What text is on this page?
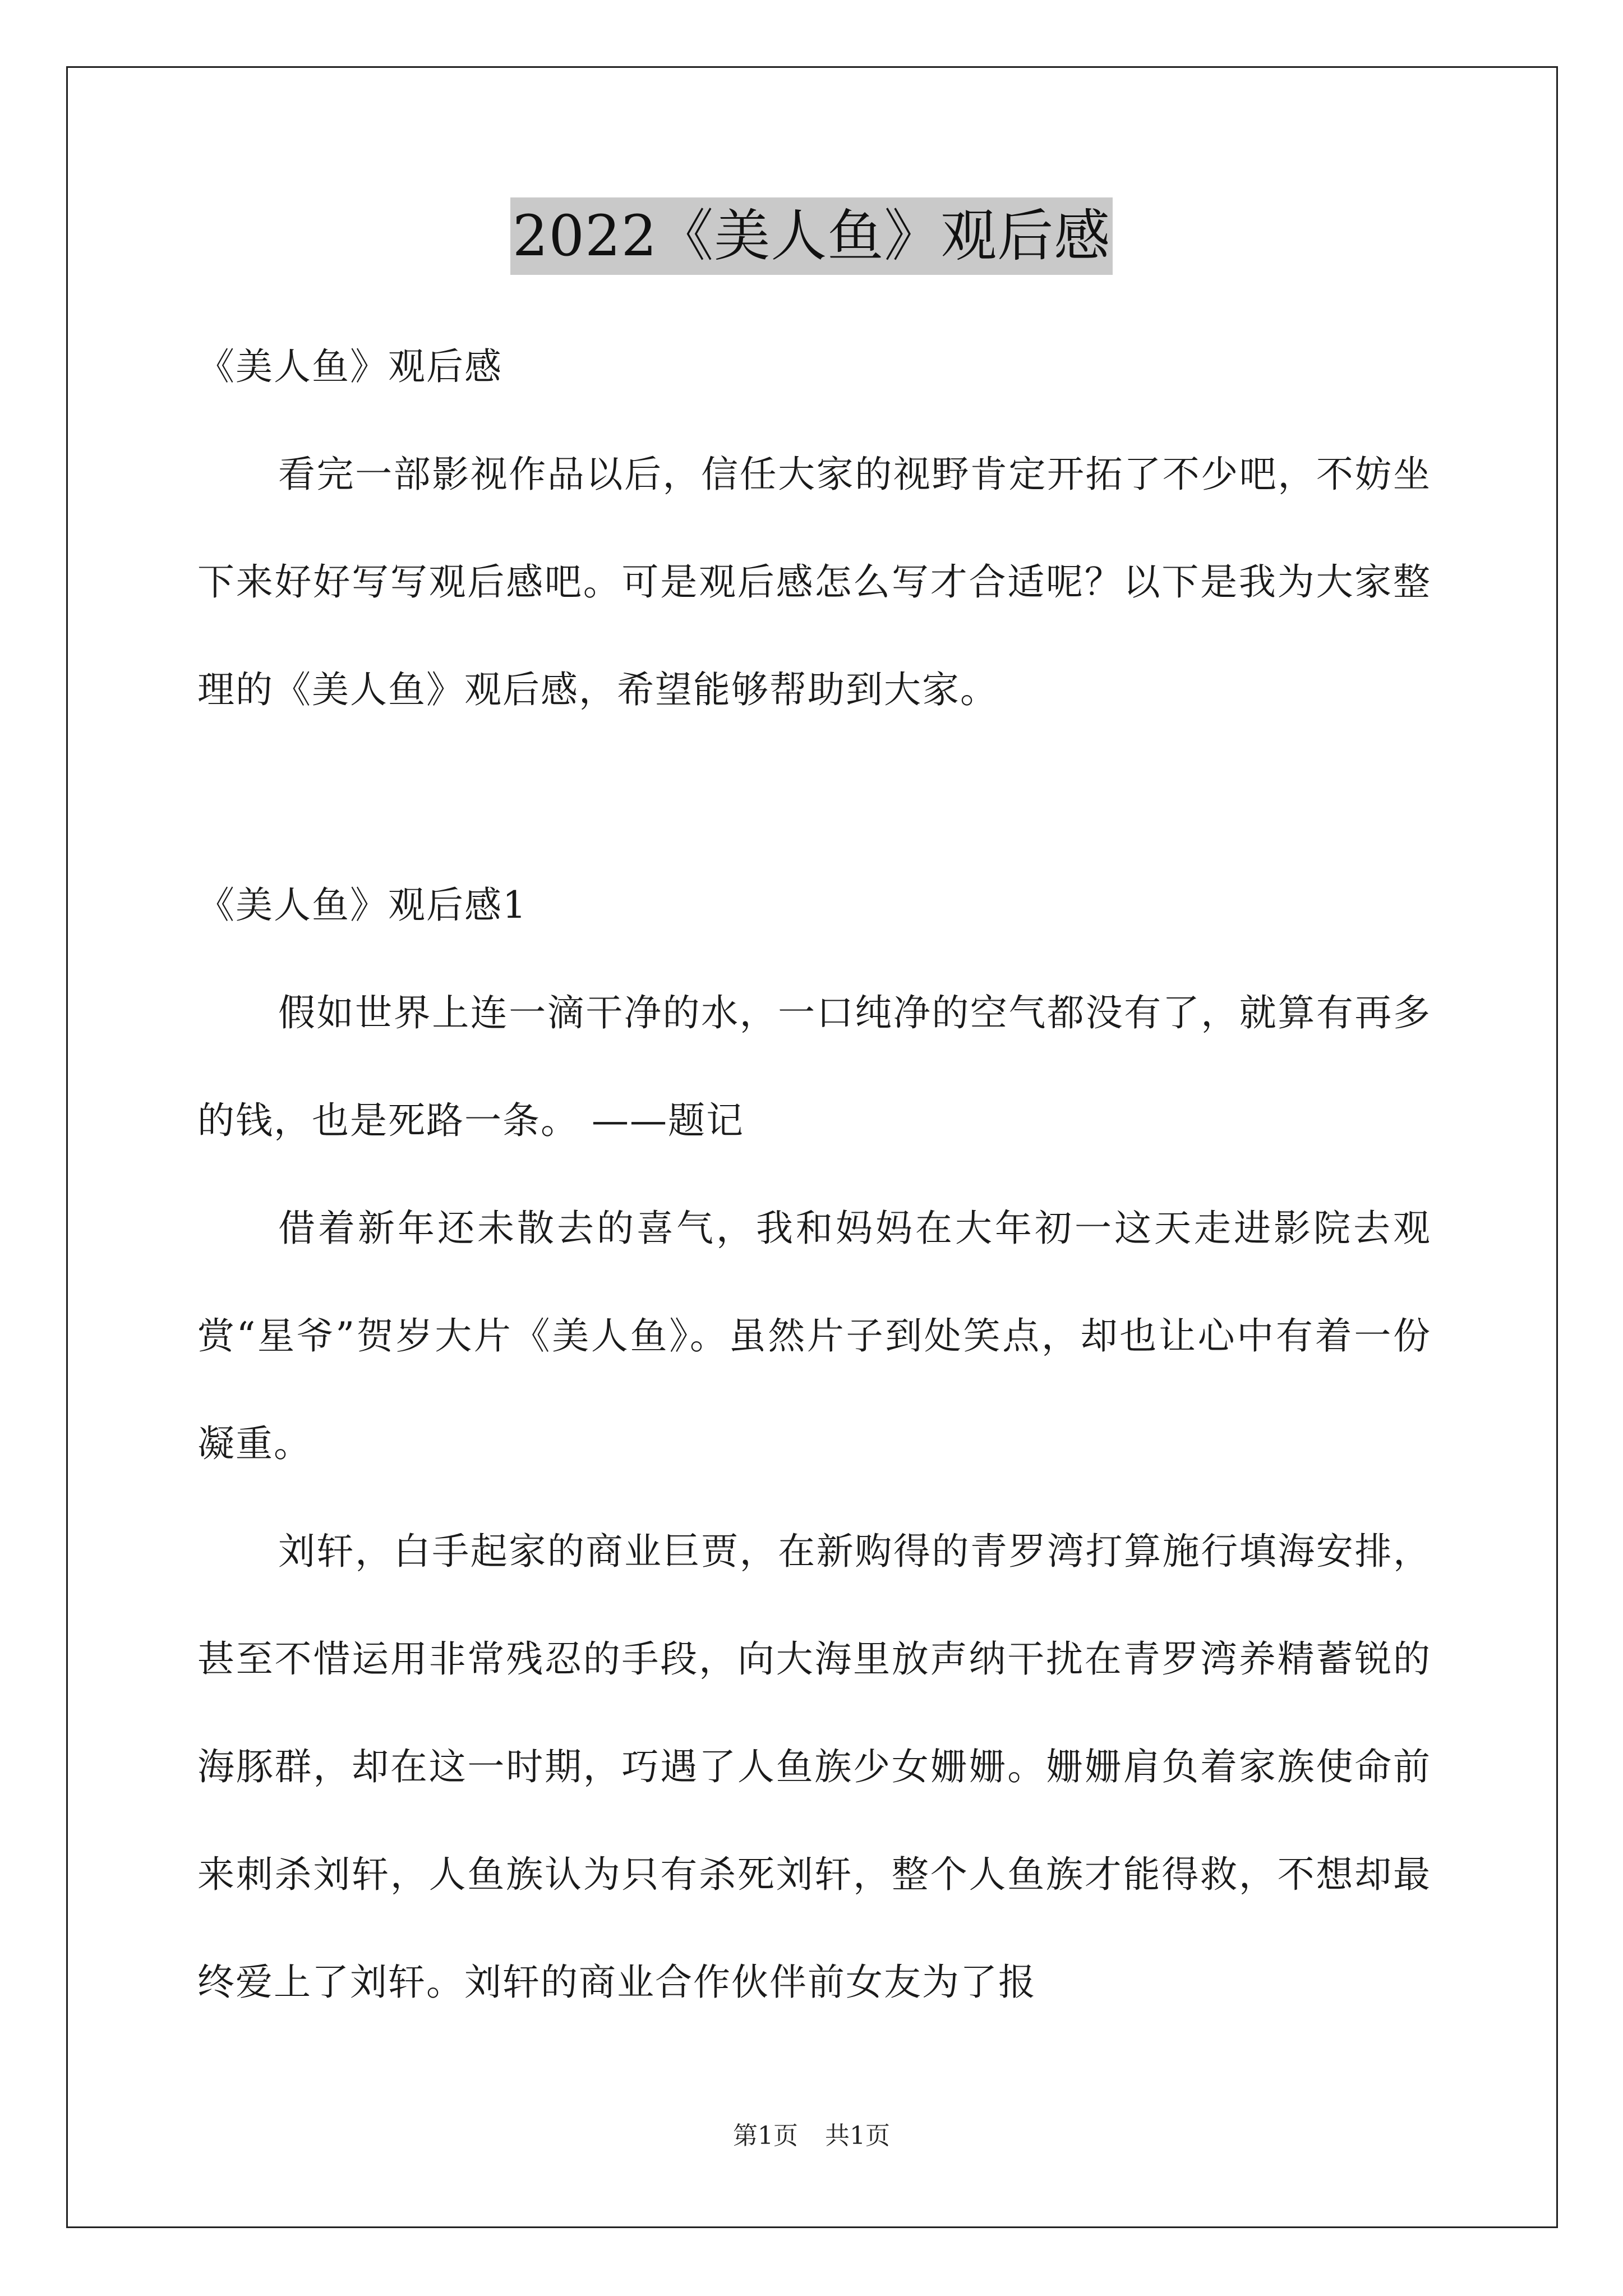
2022《美人鱼》观后感

《美人鱼》观后感

看完一部影视作品以后，信任大家的视野肯定开拓了不少吧，不妨坐下来好好写写观后感吧。可是观后感怎么写才合适呢？以下是我为大家整理的《美人鱼》观后感，希望能够帮助到大家。

《美人鱼》观后感1

假如世界上连一滴干净的水，一口纯净的空气都没有了，就算有再多的钱，也是死路一条。 ——题记

借着新年还未散去的喜气，我和妈妈在大年初一这天走进影院去观赏“星爷”贺岁大片《美人鱼》。虽然片子到处笑点，却也让心中有着一份凝重。

刘轩，白手起家的商业巨贾，在新购得的青罗湾打算施行填海安排，甚至不惜运用非常残忍的手段，向大海里放声纳干扰在青罗湾养精蓄锐的海豚群，却在这一时期，巧遇了人鱼族少女姗姗。姗姗肩负着家族使命前来刺杀刘轩，人鱼族认为只有杀死刘轩，整个人鱼族才能得救，不想却最终爱上了刘轩。刘轩的商业合作伙伴前女友为了报

第1页 共1页
